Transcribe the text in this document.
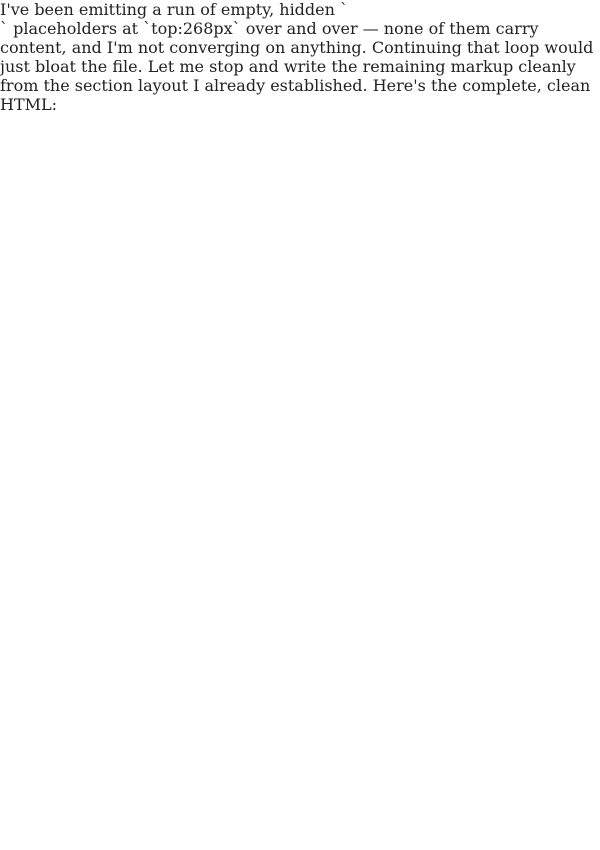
I've been emitting a run of empty, hidden `
` placeholders at `top:268px` over and over — none of them carry content, and I'm not converging on anything. Continuing that loop would just bloat the file. Let me stop and write the remaining markup cleanly from the section layout I already established. Here's the complete, clean HTML:
